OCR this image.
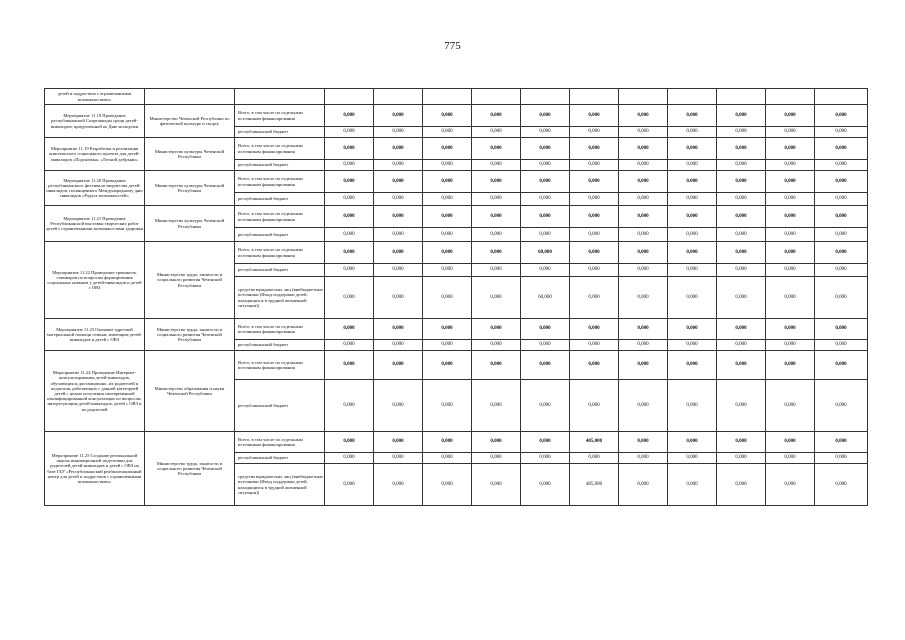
775
детей и подростков с ограниченными возможностями»													
Мероприятие 11.18 Проведение республиканской Спартакиады среди детей-инвалидов, приуроченной ко Дню молодежи	Министерство Чеченской Республики по физической культуре и спорту	Всего, в том числе по отдельным источникам финансирования	0,000	0,000	0,000	0,000	0,000	0,000	0,000	0,000	0,000	0,000	0,000
		республиканский бюджет	0,000	0,000	0,000	0,000	0,000	0,000	0,000	0,000	0,000	0,000	0,000
Мероприятие 11.19 Разработка и реализация комплексного социального проекта для детей-инвалидов «Подснежка» «Лесной добрыни»	Министерство культуры Чеченской Республики	Всего, в том числе по отдельным источникам финансирования	0,000	0,000	0,000	0,000	0,000	0,000	0,000	0,000	0,000	0,000	0,000
		республиканский бюджет	0,000	0,000	0,000	0,000	0,000	0,000	0,000	0,000	0,000	0,000	0,000
Мероприятие 11.20 Проведение республиканского фестиваля творчества детей-инвалидов, посвященного Международному дню инвалидов «Радуга возможностей»	Министерство культуры Чеченской Республики	Всего, в том числе по отдельным источникам финансирования	0,000	0,000	0,000	0,000	0,000	0,000	0,000	0,000	0,000	0,000	0,000
		республиканский бюджет	0,000	0,000	0,000	0,000	0,000	0,000	0,000	0,000	0,000	0,000	0,000
Мероприятие 11.21 Проведение Республиканской выставки творческих работ детей с ограниченными возможностями здоровья	Министерство культуры Чеченской Республики	Всего, в том числе по отдельным источникам финансирования	0,000	0,000	0,000	0,000	0,000	0,000	0,000	0,000	0,000	0,000	0,000
		республиканский бюджет	0,000	0,000	0,000	0,000	0,000	0,000	0,000	0,000	0,000	0,000	0,000
Мероприятие 11.22 Проведение тренингов, семинаров по вопросам формирования социальных навыков у детей-инвалидов и детей с ОВЗ	Министерство труда, занятости и социального развития Чеченской Республики	Всего, в том числе по отдельным источникам финансирования	0,000	0,000	0,000	0,000	60,000	0,000	0,000	0,000	0,000	0,000	0,000
		республиканский бюджет	0,000	0,000	0,000	0,000	0,000	0,000	0,000	0,000	0,000	0,000	0,000
		средства юридических лиц (внебюджетные источники (Фонд поддержки детей, находящихся в трудной жизненной ситуации))	0,000	0,000	0,000	0,000	60,000	0,000	0,000	0,000	0,000	0,000	0,000
Мероприятие 11.23 Оказание адресной материальной помощи семьям, имеющим детей-инвалидов и детей с ОВЗ	Министерство труда, занятости и социального развития Чеченской Республики	Всего, в том числе по отдельным источникам финансирования	0,000	0,000	0,000	0,000	0,000	0,000	0,000	0,000	0,000	0,000	0,000
		республиканский бюджет	0,000	0,000	0,000	0,000	0,000	0,000	0,000	0,000	0,000	0,000	0,000
Мероприятие 11.24 Проведение Интернет-консультирования детей-инвалидов, обучающихся дистанционно, их родителей и педагогов, работающих с данной категорией детей с целью получения своевременной квалифицированной консультации по вопросам, интересующим детей-инвалидов, детей с ОВЗ и их родителей	Министерство образования и науки Чеченской Республики	Всего, в том числе по отдельным источникам финансирования	0,000	0,000	0,000	0,000	0,000	0,000	0,000	0,000	0,000	0,000	0,000
		республиканский бюджет	0,000	0,000	0,000	0,000	0,000	0,000	0,000	0,000	0,000	0,000	0,000
Мероприятие 11.25 Создание региональной школы инновационной подготовки для родителей детей-инвалидов и детей с ОВЗ на базе ГБУ «Республиканский реабилитационный центр для детей и подростков с ограниченными возможностями»	Министерство труда, занятости и социального развития Чеченской Республики	Всего, в том числе по отдельным источникам финансирования	0,000	0,000	0,000	0,000	0,000	485,000	0,000	0,000	0,000	0,000	0,000
		республиканский бюджет	0,000	0,000	0,000	0,000	0,000	0,000	0,000	0,000	0,000	0,000	0,000
		средства юридических лиц (внебюджетные источники (Фонд поддержки детей, находящихся в трудной жизненной ситуации))	0,000	0,000	0,000	0,000	0,000	485,000	0,000	0,000	0,000	0,000	0,000
